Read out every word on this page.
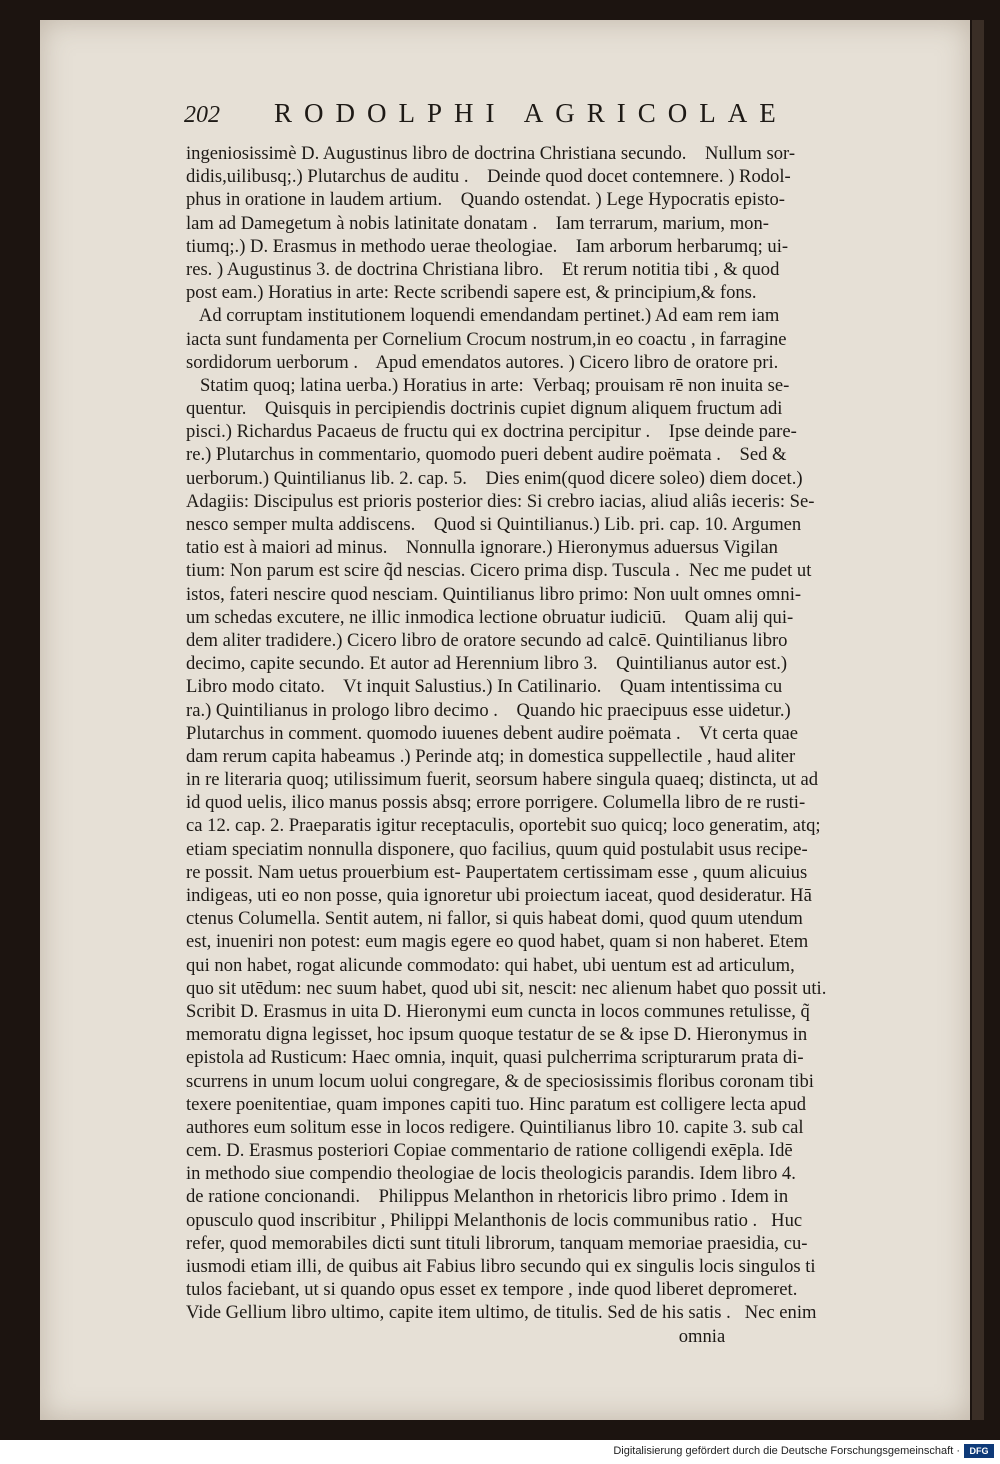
202 RODOLPHI AGRICOLAE
ingeniosissimè D. Augustinus libro de doctrina Christiana secundo.    Nullum sor-
didis,uilibusq;.) Plutarchus de auditu .    Deinde quod docet contemnere. ) Rodol-
phus in oratione in laudem artium.    Quando ostendat. ) Lege Hypocratis episto-
lam ad Damegetum à nobis latinitate donatam .    Iam terrarum, marium, mon-
tiumq;.) D. Erasmus in methodo uerae theologiae.    Iam arborum herbarumq; ui-
res. ) Augustinus 3. de doctrina Christiana libro.    Et rerum notitia tibi , & quod
post eam.) Horatius in arte: Recte scribendi sapere est, & principium,& fons.
Ad corruptam institutionem loquendi emendandam pertinet.) Ad eam rem iam
iacta sunt fundamenta per Cornelium Crocum nostrum,in eo coactu , in farragine
sordidorum uerborum .    Apud emendatos autores. ) Cicero libro de oratore pri.
Statim quoq; latina uerba.) Horatius in arte:  Verbaq; prouisam rē non inuita se-
quentur.    Quisquis in percipiendis doctrinis cupiet dignum aliquem fructum adi
pisci.) Richardus Pacaeus de fructu qui ex doctrina percipitur .    Ipse deinde pare-
re.) Plutarchus in commentario, quomodo pueri debent audire poëmata .    Sed &
uerborum.) Quintilianus lib. 2. cap. 5.    Dies enim(quod dicere soleo) diem docet.)
Adagiis: Discipulus est prioris posterior dies: Si crebro iacias, aliud aliâs ieceris: Se-
nesco semper multa addiscens.    Quod si Quintilianus.) Lib. pri. cap. 10. Argumen
tatio est à maiori ad minus.    Nonnulla ignorare.) Hieronymus aduersus Vigilan
tium: Non parum est scire q̃d nescias. Cicero prima disp. Tuscula .  Nec me pudet ut
istos, fateri nescire quod nesciam. Quintilianus libro primo: Non uult omnes omni-
um schedas excutere, ne illic inmodica lectione obruatur iudiciū.    Quam alij qui-
dem aliter tradidere.) Cicero libro de oratore secundo ad calcē. Quintilianus libro
decimo, capite secundo. Et autor ad Herennium libro 3.    Quintilianus autor est.)
Libro modo citato.    Vt inquit Salustius.) In Catilinario.    Quam intentissima cu
ra.) Quintilianus in prologo libro decimo .    Quando hic praecipuus esse uidetur.)
Plutarchus in comment. quomodo iuuenes debent audire poëmata .    Vt certa quae
dam rerum capita habeamus .) Perinde atq; in domestica suppellectile , haud aliter
in re literaria quoq; utilissimum fuerit, seorsum habere singula quaeq; distincta, ut ad
id quod uelis, ilico manus possis absq; errore porrigere. Columella libro de re rusti-
ca 12. cap. 2. Praeparatis igitur receptaculis, oportebit suo quicq; loco generatim, atq;
etiam speciatim nonnulla disponere, quo facilius, quum quid postulabit usus recipe-
re possit. Nam uetus prouerbium est- Paupertatem certissimam esse , quum alicuius
indigeas, uti eo non posse, quia ignoretur ubi proiectum iaceat, quod desideratur. Hā
ctenus Columella. Sentit autem, ni fallor, si quis habeat domi, quod quum utendum
est, inueniri non potest: eum magis egere eo quod habet, quam si non haberet. Etem
qui non habet, rogat alicunde commodato: qui habet, ubi uentum est ad articulum,
quo sit utēdum: nec suum habet, quod ubi sit, nescit: nec alienum habet quo possit uti.
Scribit D. Erasmus in uita D. Hieronymi eum cuncta in locos communes retulisse, q̃
memoratu digna legisset, hoc ipsum quoque testatur de se & ipse D. Hieronymus in
epistola ad Rusticum: Haec omnia, inquit, quasi pulcherrima scripturarum prata di-
scurrens in unum locum uolui congregare, & de speciosissimis floribus coronam tibi
texere poenitentiae, quam impones capiti tuo. Hinc paratum est colligere lecta apud
authores eum solitum esse in locos redigere. Quintilianus libro 10. capite 3. sub cal
cem. D. Erasmus posteriori Copiae commentario de ratione colligendi exēpla. Idē
in methodo siue compendio theologiae de locis theologicis parandis. Idem libro 4.
de ratione concionandi.    Philippus Melanthon in rhetoricis libro primo . Idem in
opusculo quod inscribitur , Philippi Melanthonis de locis communibus ratio .   Huc
refer, quod memorabiles dicti sunt tituli librorum, tanquam memoriae praesidia, cu-
iusmodi etiam illi, de quibus ait Fabius libro secundo qui ex singulis locis singulos ti
tulos faciebant, ut si quando opus esset ex tempore , inde quod liberet depromeret.
Vide Gellium libro ultimo, capite item ultimo, de titulis. Sed de his satis .   Nec enim
omnia
Digitalisierung gefördert durch die Deutsche Forschungsgemeinschaft ·	DFG
